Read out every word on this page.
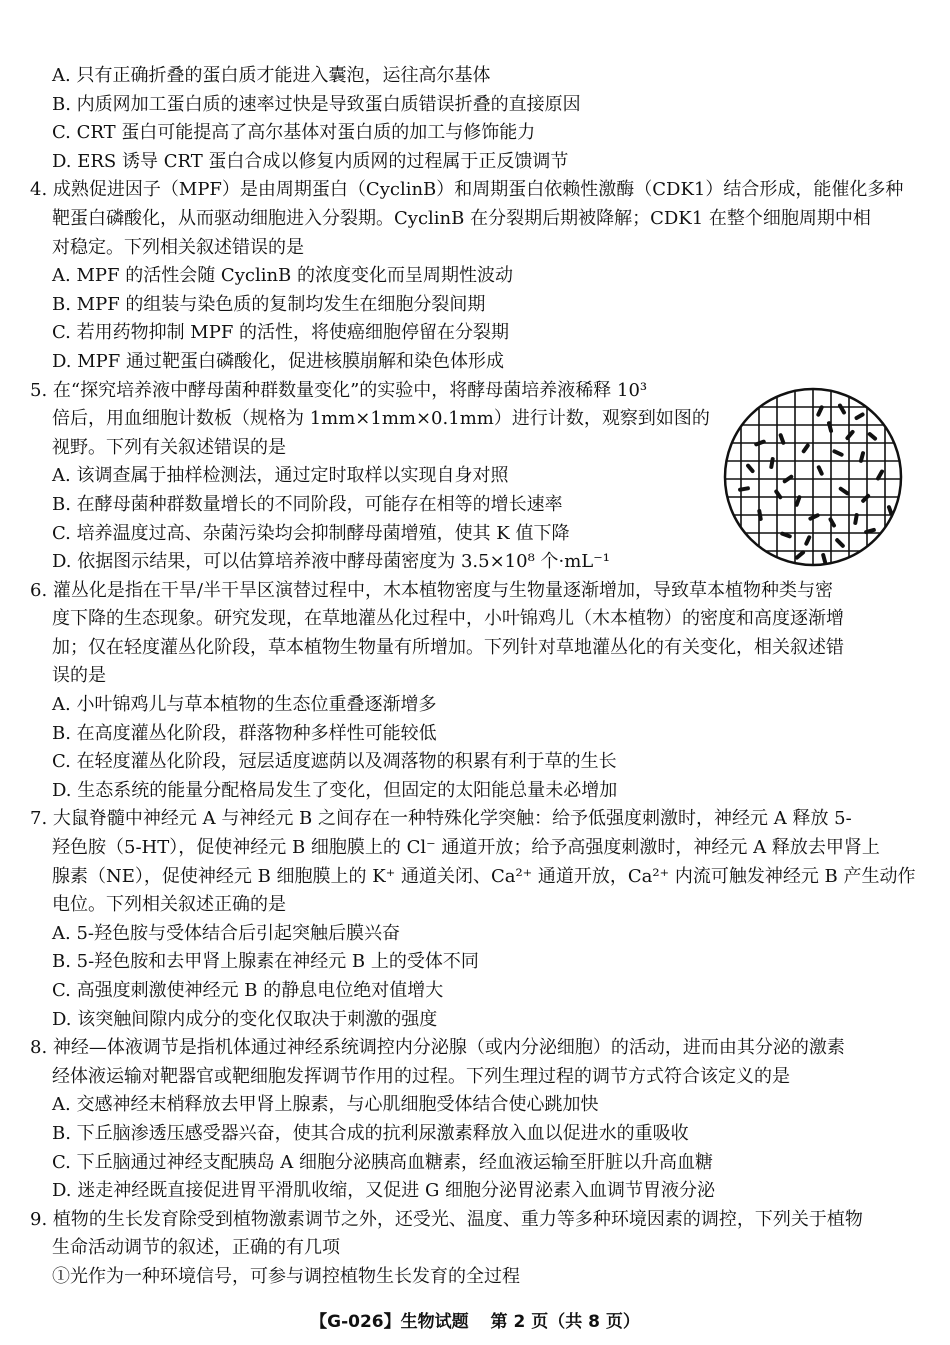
A. 只有正确折叠的蛋白质才能进入囊泡，运往高尔基体
B. 内质网加工蛋白质的速率过快是导致蛋白质错误折叠的直接原因
C. CRT 蛋白可能提高了高尔基体对蛋白质的加工与修饰能力
D. ERS 诱导 CRT 蛋白合成以修复内质网的过程属于正反馈调节
4. 成熟促进因子（MPF）是由周期蛋白（CyclinB）和周期蛋白依赖性激酶（CDK1）结合形成，能催化多种
靶蛋白磷酸化，从而驱动细胞进入分裂期。CyclinB 在分裂期后期被降解；CDK1 在整个细胞周期中相
对稳定。下列相关叙述错误的是
A. MPF 的活性会随 CyclinB 的浓度变化而呈周期性波动
B. MPF 的组装与染色质的复制均发生在细胞分裂间期
C. 若用药物抑制 MPF 的活性，将使癌细胞停留在分裂期
D. MPF 通过靶蛋白磷酸化，促进核膜崩解和染色体形成
5. 在“探究培养液中酵母菌种群数量变化”的实验中，将酵母菌培养液稀释 10³
倍后，用血细胞计数板（规格为 1mm×1mm×0.1mm）进行计数，观察到如图的
视野。下列有关叙述错误的是
A. 该调查属于抽样检测法，通过定时取样以实现自身对照
B. 在酵母菌种群数量增长的不同阶段，可能存在相等的增长速率
C. 培养温度过高、杂菌污染均会抑制酵母菌增殖，使其 K 值下降
D. 依据图示结果，可以估算培养液中酵母菌密度为 3.5×10⁸ 个·mL⁻¹
6. 灌丛化是指在干旱/半干旱区演替过程中，木本植物密度与生物量逐渐增加，导致草本植物种类与密
度下降的生态现象。研究发现，在草地灌丛化过程中，小叶锦鸡儿（木本植物）的密度和高度逐渐增
加；仅在轻度灌丛化阶段，草本植物生物量有所增加。下列针对草地灌丛化的有关变化，相关叙述错
误的是
A. 小叶锦鸡儿与草本植物的生态位重叠逐渐增多
B. 在高度灌丛化阶段，群落物种多样性可能较低
C. 在轻度灌丛化阶段，冠层适度遮荫以及凋落物的积累有利于草的生长
D. 生态系统的能量分配格局发生了变化，但固定的太阳能总量未必增加
7. 大鼠脊髓中神经元 A 与神经元 B 之间存在一种特殊化学突触：给予低强度刺激时，神经元 A 释放 5-
羟色胺（5-HT），促使神经元 B 细胞膜上的 Cl⁻ 通道开放；给予高强度刺激时，神经元 A 释放去甲肾上
腺素（NE），促使神经元 B 细胞膜上的 K⁺ 通道关闭、Ca²⁺ 通道开放，Ca²⁺ 内流可触发神经元 B 产生动作
电位。下列相关叙述正确的是
A. 5-羟色胺与受体结合后引起突触后膜兴奋
B. 5-羟色胺和去甲肾上腺素在神经元 B 上的受体不同
C. 高强度刺激使神经元 B 的静息电位绝对值增大
D. 该突触间隙内成分的变化仅取决于刺激的强度
8. 神经—体液调节是指机体通过神经系统调控内分泌腺（或内分泌细胞）的活动，进而由其分泌的激素
经体液运输对靶器官或靶细胞发挥调节作用的过程。下列生理过程的调节方式符合该定义的是
A. 交感神经末梢释放去甲肾上腺素，与心肌细胞受体结合使心跳加快
B. 下丘脑渗透压感受器兴奋，使其合成的抗利尿激素释放入血以促进水的重吸收
C. 下丘脑通过神经支配胰岛 A 细胞分泌胰高血糖素，经血液运输至肝脏以升高血糖
D. 迷走神经既直接促进胃平滑肌收缩，又促进 G 细胞分泌胃泌素入血调节胃液分泌
9. 植物的生长发育除受到植物激素调节之外，还受光、温度、重力等多种环境因素的调控，下列关于植物
生命活动调节的叙述，正确的有几项
①光作为一种环境信号，可参与调控植物生长发育的全过程
【G-026】生物试题 第 2 页（共 8 页）
